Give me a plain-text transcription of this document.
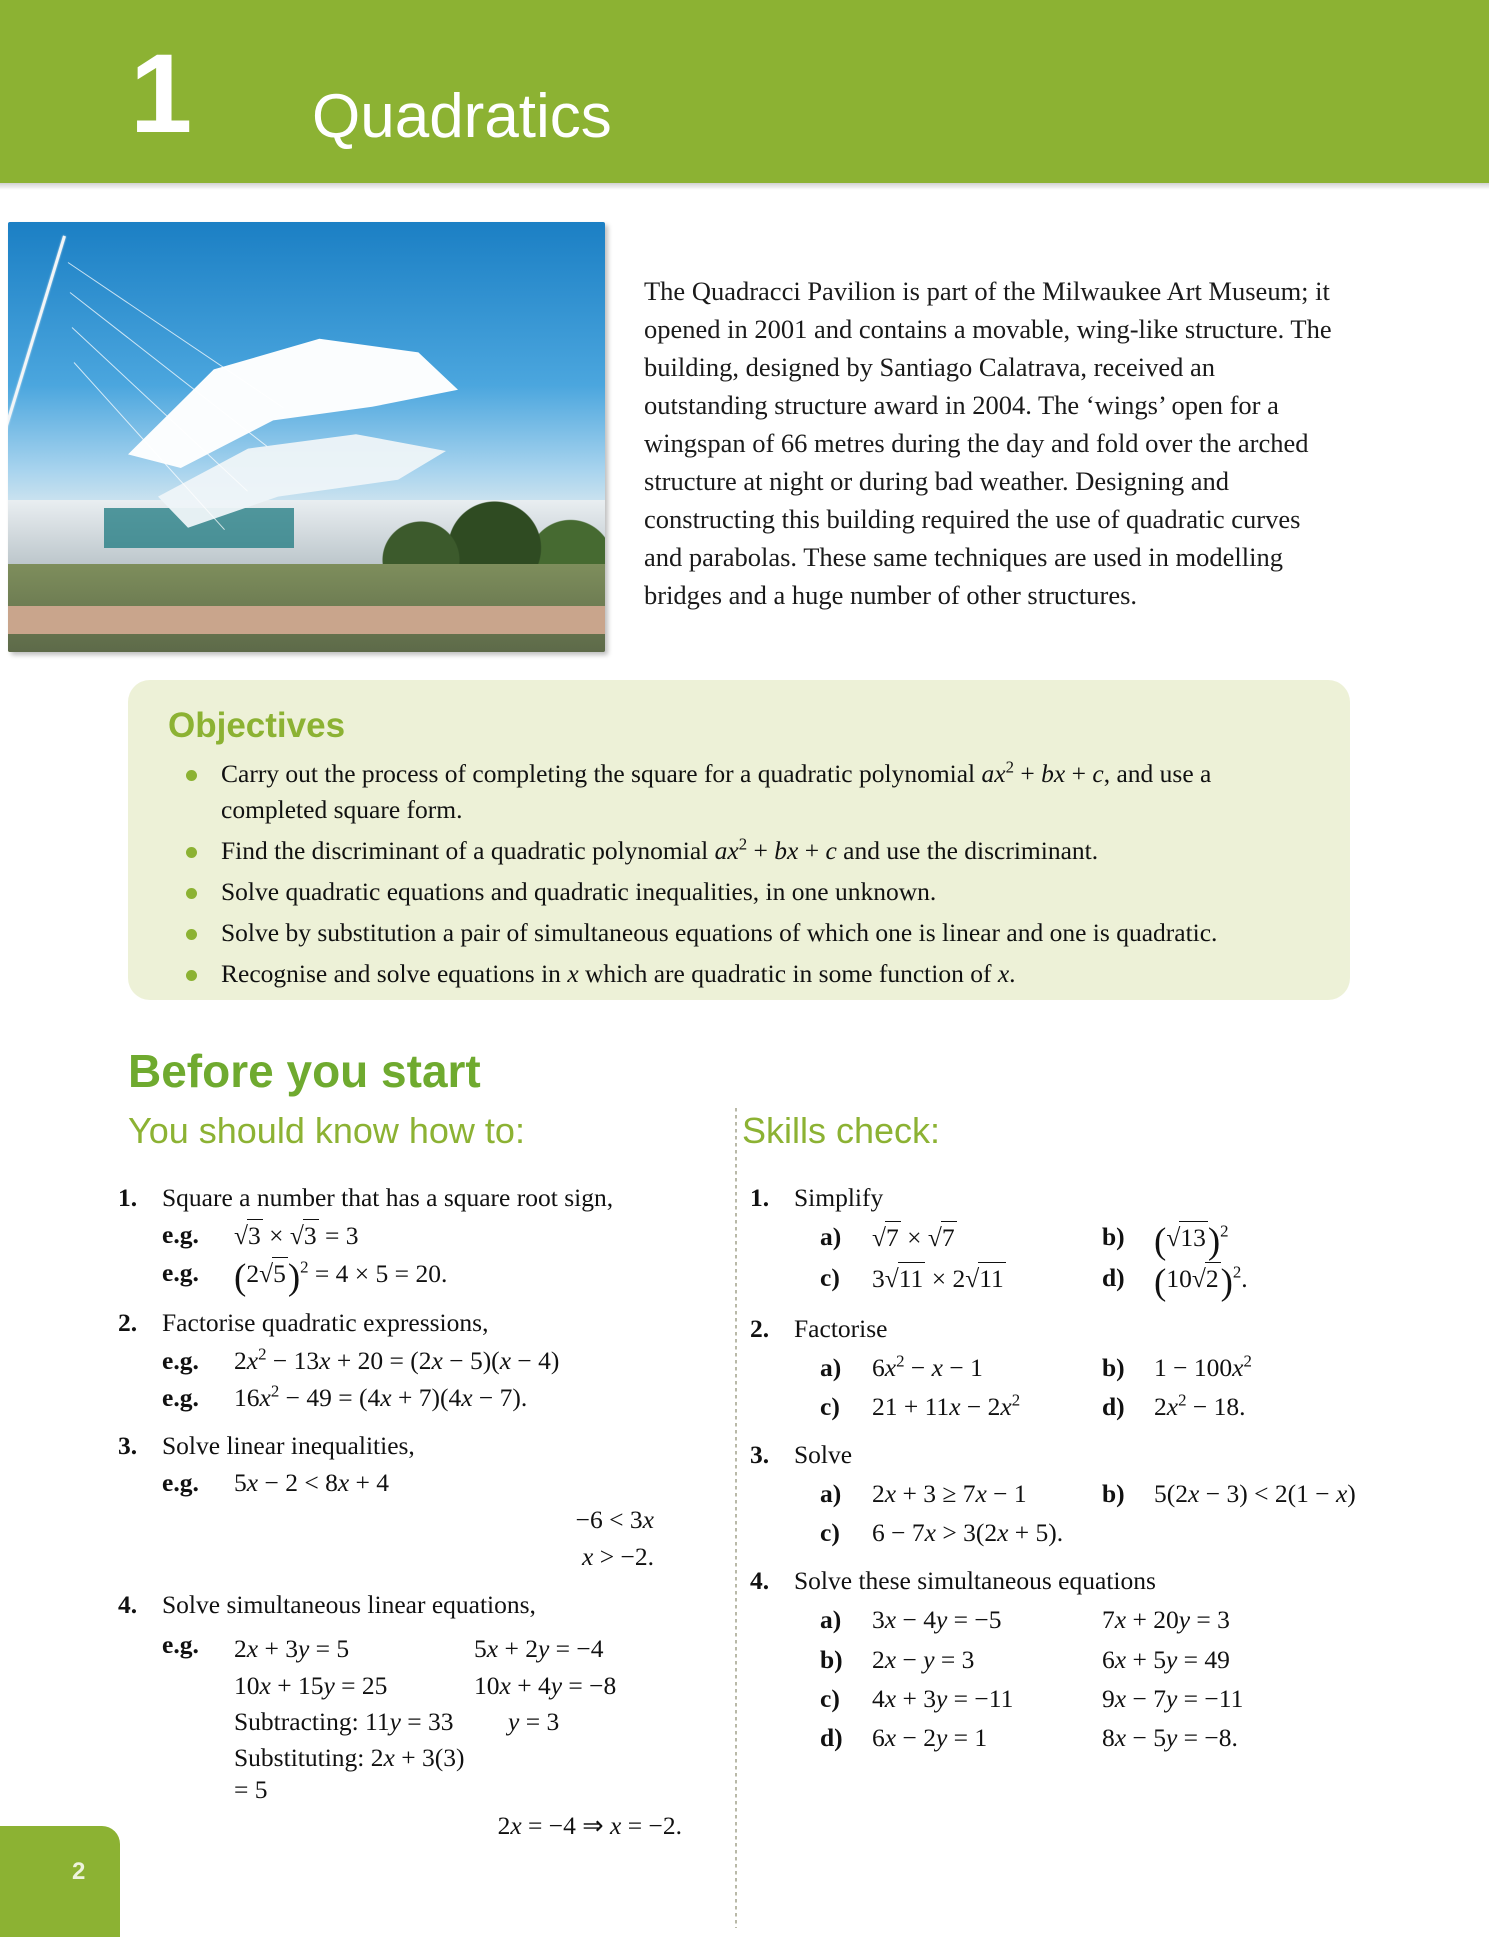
1 Quadratics
The Quadracci Pavilion is part of the Milwaukee Art Museum; it opened in 2001 and contains a movable, wing-like structure. The building, designed by Santiago Calatrava, received an outstanding structure award in 2004. The ‘wings’ open for a wingspan of 66 metres during the day and fold over the arched structure at night or during bad weather. Designing and constructing this building required the use of quadratic curves and parabolas. These same techniques are used in modelling bridges and a huge number of other structures.
Objectives
Carry out the process of completing the square for a quadratic polynomial $ax^2$ + bx + c, and use a completed square form.
Find the discriminant of a quadratic polynomial $ax^2$ + bx + c and use the discriminant.
Solve quadratic equations and quadratic inequalities, in one unknown.
Solve by substitution a pair of simultaneous equations of which one is linear and one is quadratic.
Recognise and solve equations in x which are quadratic in some function of x.
Before you start
You should know how to:	Skills check:
1. Square a number that has a square root sign,
e.g.	√3 × √3 = 3
e.g. $(2√5)^2 = 4 \times 5 = 20$.
2. Factorise quadratic expressions,
e.g.	$2x^2 - 13x + 20 = (2x - 5)(x - 4)$
e.g.	$16x^2 - 49 = (4x + 7)(4x - 7)$.
3. Solve linear inequalities,
e.g.	5x − 2 < 8x + 4

−6 < 3x

x > −2.
4. Solve simultaneous linear equations,
e.g.	2x + 3y = 5	5x + 2y = −4
10x + 15y = 25	10x + 4y = −8
Subtracting: 11y = 33	y = 3
Substituting: 2x + 3(3) = 5
2x = −4 ⇒ x = −2.
1. Simplify
a)	√7 × √7	b) $(√13)^2$
c)	3√11 × 2√11	d) $(10√2)^2$.
2. Factorise
a)	$6x^2 - x - 1$	b)	$1 - 100x^2$
c)	$21 + 11x - 2x^2$	d)	$2x^2 - 18$.
3. Solve
a)	2x + 3 ≥ 7x − 1	b)	5(2x − 3) < 2(1 − x)
c)	6 − 7x > 3(2x + 5).
4. Solve these simultaneous equations
a)	3x − 4y = −5	7x + 20y = 3
b)	2x − y = 3	6x + 5y = 49
c)	4x + 3y = −11	9x − 7y = −11
d)	6x − 2y = 1	8x − 5y = −8.
2
